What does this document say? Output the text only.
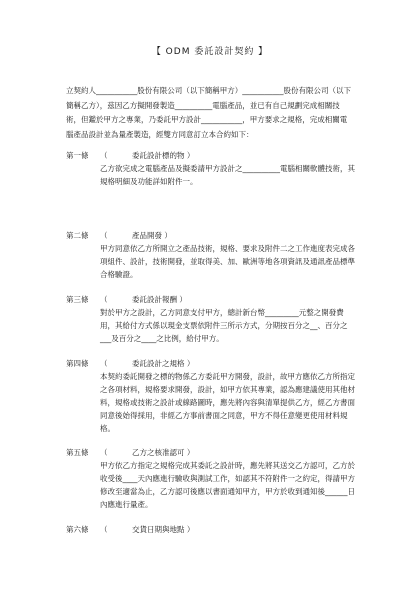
【 ODM 委託設計契約 】

立契約人___________股份有限公司（以下簡稱甲方）___________股份有限公司（以下簡稱乙方），茲因乙方擬開發製造__________電腦產品，並已有自己規劃完成相關技術，但鑑於甲方之專業，乃委託甲方設計___________，甲方要求之規格，完成相關電腦產品設計並為量產製造，經雙方同意訂立本合約如下：

第一條	（	委託設計標的物 ）
乙方欲完成之電腦產品及擬委請甲方設計之__________電腦相關軟體技術，其規格明細及功能詳如附件一。
第二條	（	產品開發 ）
甲方同意依乙方所開立之產品技術，規格、要求及附件二之工作進度表完成各項組件、設計，技術開發，並取得美、加、歐洲等地各項資訊及通訊產品標準合格驗證。
第三條	（	委託設計報酬 ）
對於甲方之設計，乙方同意支付甲方，總計新台幣_________元整之開發費用，其給付方式係以現金支票依附件三所示方式，分期按百分之__、百分之___及百分之____之比例，給付甲方。
第四條	（	委託設計之規格 ）
本契約委託開發之標的物係乙方委託甲方開發，設計，故甲方應依乙方所指定之各項材料，規格要求開發，設計，如甲方依其專業，認為應建議使用其他材料，規格或技術之設計或線路圖時，應先將內容與清單提供乙方，經乙方書面同意後始得採用，非經乙方事前書面之同意，甲方不得任意變更使用材料規格。
第五條	（	乙方之核准認可 ）
甲方依乙方指定之規格完成其委託之設計時，應先將其送交乙方認可，乙方於收受後____天內應進行驗收與測試工作，如認其不符附件一之約定，得請甲方修改至適當為止，乙方認可後應以書面通知甲方，甲方於收到通知後______日內應進行量產。
第六條	（	交貨日期與地點 ）
